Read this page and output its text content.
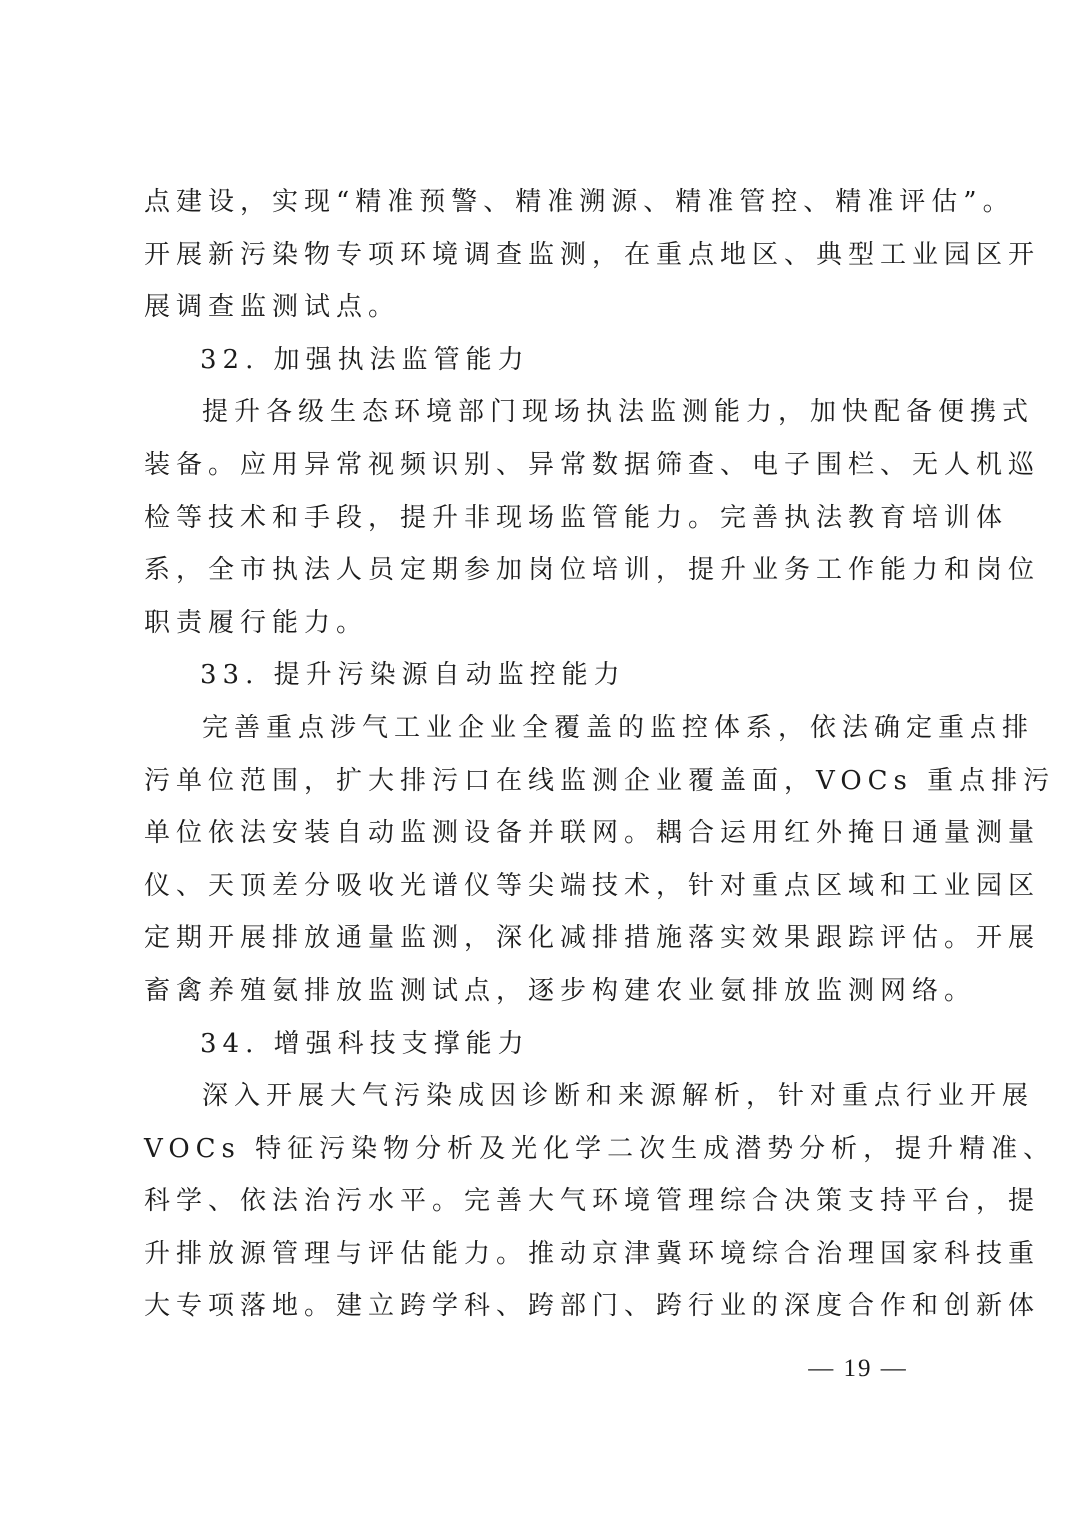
点建设，实现“精准预警、精准溯源、精准管控、精准评估”。
开展新污染物专项环境调查监测，在重点地区、典型工业园区开
展调查监测试点。
32. 加强执法监管能力
提升各级生态环境部门现场执法监测能力，加快配备便携式
装备。应用异常视频识别、异常数据筛查、电子围栏、无人机巡
检等技术和手段，提升非现场监管能力。完善执法教育培训体
系，全市执法人员定期参加岗位培训，提升业务工作能力和岗位
职责履行能力。
33. 提升污染源自动监控能力
完善重点涉气工业企业全覆盖的监控体系，依法确定重点排
污单位范围，扩大排污口在线监测企业覆盖面，VOCs 重点排污
单位依法安装自动监测设备并联网。耦合运用红外掩日通量测量
仪、天顶差分吸收光谱仪等尖端技术，针对重点区域和工业园区
定期开展排放通量监测，深化减排措施落实效果跟踪评估。开展
畜禽养殖氨排放监测试点，逐步构建农业氨排放监测网络。
34. 增强科技支撑能力
深入开展大气污染成因诊断和来源解析，针对重点行业开展
VOCs 特征污染物分析及光化学二次生成潜势分析，提升精准、
科学、依法治污水平。完善大气环境管理综合决策支持平台，提
升排放源管理与评估能力。推动京津冀环境综合治理国家科技重
大专项落地。建立跨学科、跨部门、跨行业的深度合作和创新体
— 19 —
